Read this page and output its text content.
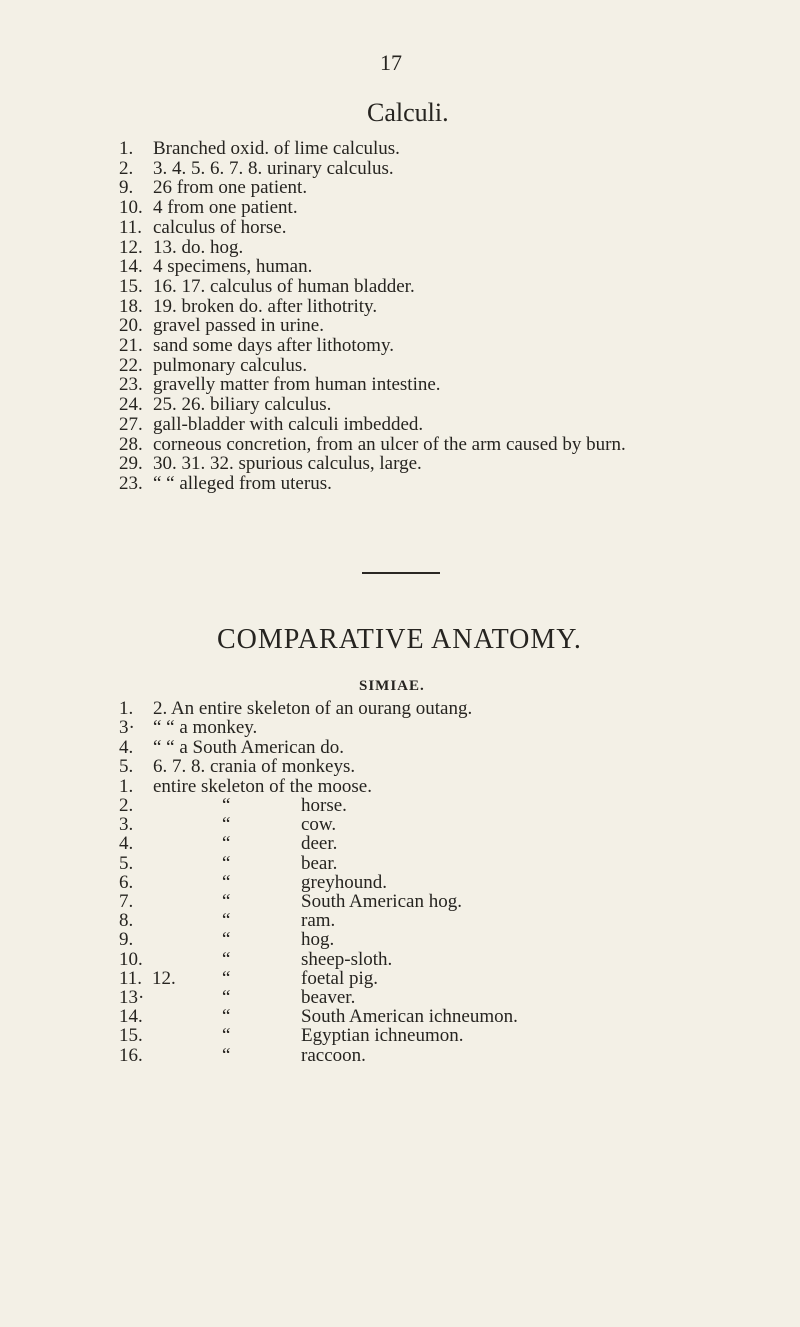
17
Calculi.
1. Branched oxid. of lime calculus.
2. 3. 4. 5. 6. 7. 8. urinary calculus.
9. 26 from one patient.
10. 4 from one patient.
11. calculus of horse.
12. 13. do. hog.
14. 4 specimens, human.
15. 16. 17. calculus of human bladder.
18. 19. broken do. after lithotrity.
20. gravel passed in urine.
21. sand some days after lithotomy.
22. pulmonary calculus.
23. gravelly matter from human intestine.
24. 25. 26. biliary calculus.
27. gall-bladder with calculi imbedded.
28. corneous concretion, from an ulcer of the arm caused by burn.
29. 30. 31. 32. spurious calculus, large.
23. “ “ alleged from uterus.
COMPARATIVE ANATOMY.
SIMIAE.
1. 2. An entire skeleton of an ourang outang.
3· “ “ a monkey.
4. “ “ a South American do.
5. 6. 7. 8. crania of monkeys.
1. entire skeleton of the moose.
2.	“	horse.
3.	“	cow.
4.	“	deer.
5.	“	bear.
6.	“	greyhound.
7.	“	South American hog.
8.	“	ram.
9.	“	hog.
10.	“	sheep-sloth.
11. 12. “	foetal pig.
13·	“	beaver.
14.	“	South American ichneumon.
15.	“	Egyptian ichneumon.
16.	“	raccoon.
